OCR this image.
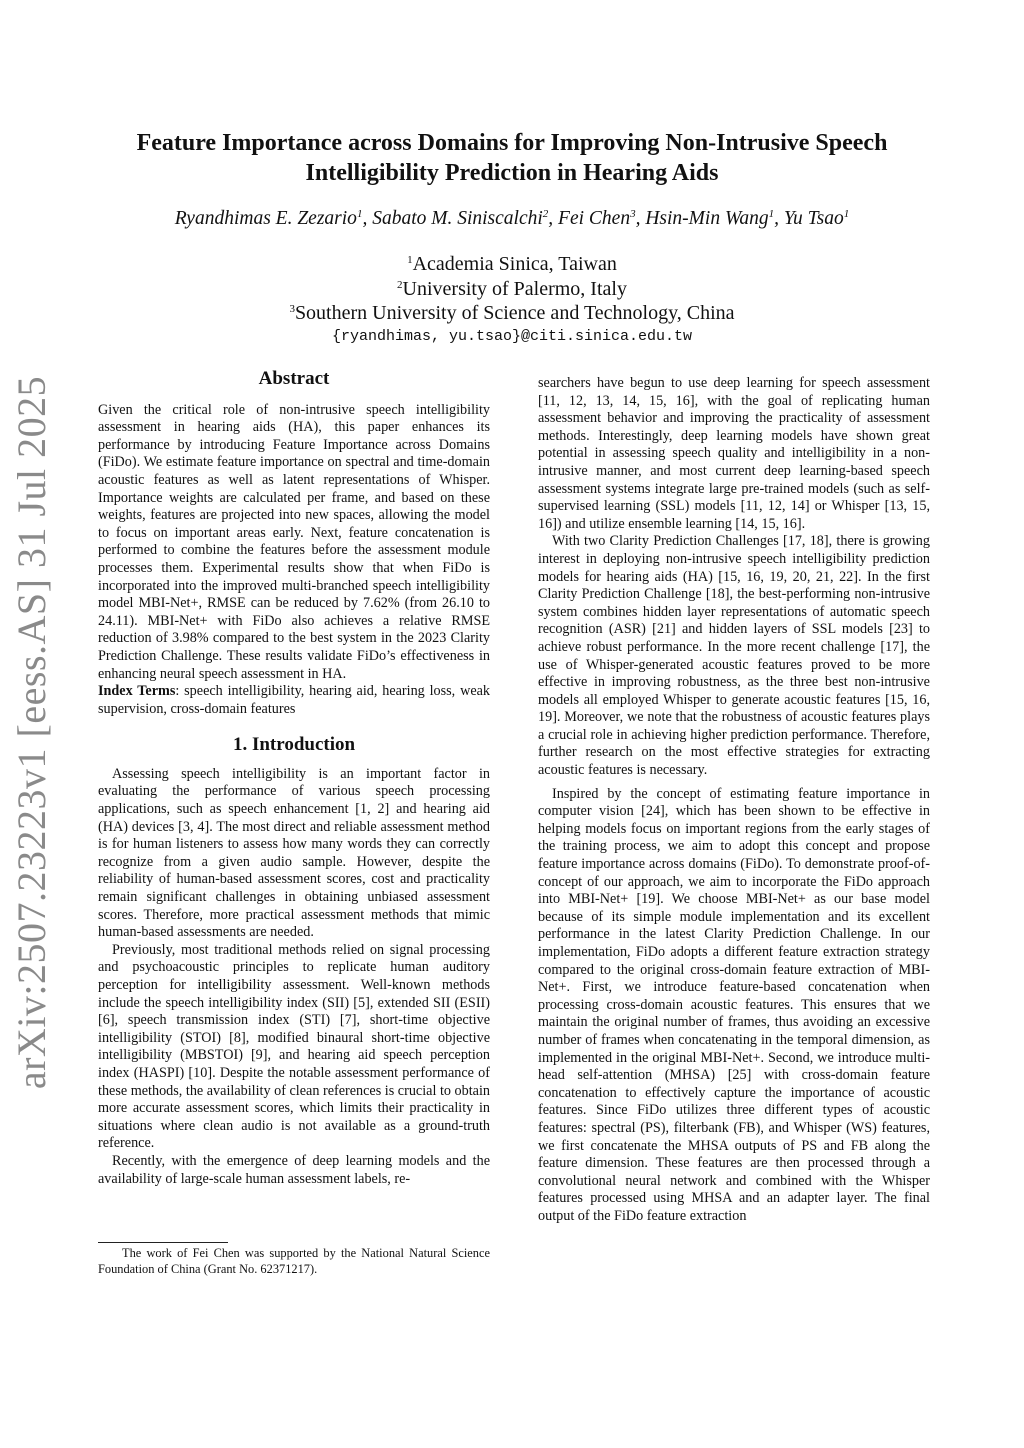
arXiv:2507.23223v1 [eess.AS] 31 Jul 2025
Feature Importance across Domains for Improving Non-Intrusive Speech Intelligibility Prediction in Hearing Aids
Ryandhimas E. Zezario$^1$, Sabato M. Siniscalchi$^2$, Fei Chen$^3$, Hsin-Min Wang$^1$, Yu Tsao$^1$
$^1$Academia Sinica, Taiwan
$^2$University of Palermo, Italy
$^3$Southern University of Science and Technology, China
{ryandhimas, yu.tsao}@citi.sinica.edu.tw
Abstract

Given the critical role of non-intrusive speech intelligibility assessment in hearing aids (HA), this paper enhances its performance by introducing Feature Importance across Domains (FiDo). We estimate feature importance on spectral and time-domain acoustic features as well as latent representations of Whisper. Importance weights are calculated per frame, and based on these weights, features are projected into new spaces, allowing the model to focus on important areas early. Next, feature concatenation is performed to combine the features before the assessment module processes them. Experimental results show that when FiDo is incorporated into the improved multi-branched speech intelligibility model MBI-Net+, RMSE can be reduced by 7.62% (from 26.10 to 24.11). MBI-Net+ with FiDo also achieves a relative RMSE reduction of 3.98% compared to the best system in the 2023 Clarity Prediction Challenge. These results validate FiDo’s effectiveness in enhancing neural speech assessment in HA.

Index Terms: speech intelligibility, hearing aid, hearing loss, weak supervision, cross-domain features

1. Introduction

Assessing speech intelligibility is an important factor in evaluating the performance of various speech processing applications, such as speech enhancement [1, 2] and hearing aid (HA) devices [3, 4]. The most direct and reliable assessment method is for human listeners to assess how many words they can correctly recognize from a given audio sample. However, despite the reliability of human-based assessment scores, cost and practicality remain significant challenges in obtaining unbiased assessment scores. Therefore, more practical assessment methods that mimic human-based assessments are needed.

Previously, most traditional methods relied on signal processing and psychoacoustic principles to replicate human auditory perception for intelligibility assessment. Well-known methods include the speech intelligibility index (SII) [5], extended SII (ESII) [6], speech transmission index (STI) [7], short-time objective intelligibility (STOI) [8], modified binaural short-time objective intelligibility (MBSTOI) [9], and hearing aid speech perception index (HASPI) [10]. Despite the notable assessment performance of these methods, the availability of clean references is crucial to obtain more accurate assessment scores, which limits their practicality in situations where clean audio is not available as a ground-truth reference.

Recently, with the emergence of deep learning models and the availability of large-scale human assessment labels, re-

The work of Fei Chen was supported by the National Natural Science Foundation of China (Grant No. 62371217).

searchers have begun to use deep learning for speech assessment [11, 12, 13, 14, 15, 16], with the goal of replicating human assessment behavior and improving the practicality of assessment methods. Interestingly, deep learning models have shown great potential in assessing speech quality and intelligibility in a non-intrusive manner, and most current deep learning-based speech assessment systems integrate large pre-trained models (such as self-supervised learning (SSL) models [11, 12, 14] or Whisper [13, 15, 16]) and utilize ensemble learning [14, 15, 16].

With two Clarity Prediction Challenges [17, 18], there is growing interest in deploying non-intrusive speech intelligibility prediction models for hearing aids (HA) [15, 16, 19, 20, 21, 22]. In the first Clarity Prediction Challenge [18], the best-performing non-intrusive system combines hidden layer representations of automatic speech recognition (ASR) [21] and hidden layers of SSL models [23] to achieve robust performance. In the more recent challenge [17], the use of Whisper-generated acoustic features proved to be more effective in improving robustness, as the three best non-intrusive models all employed Whisper to generate acoustic features [15, 16, 19]. Moreover, we note that the robustness of acoustic features plays a crucial role in achieving higher prediction performance. Therefore, further research on the most effective strategies for extracting acoustic features is necessary.

Inspired by the concept of estimating feature importance in computer vision [24], which has been shown to be effective in helping models focus on important regions from the early stages of the training process, we aim to adopt this concept and propose feature importance across domains (FiDo). To demonstrate proof-of-concept of our approach, we aim to incorporate the FiDo approach into MBI-Net+ [19]. We choose MBI-Net+ as our base model because of its simple module implementation and its excellent performance in the latest Clarity Prediction Challenge. In our implementation, FiDo adopts a different feature extraction strategy compared to the original cross-domain feature extraction of MBI-Net+. First, we introduce feature-based concatenation when processing cross-domain acoustic features. This ensures that we maintain the original number of frames, thus avoiding an excessive number of frames when concatenating in the temporal dimension, as implemented in the original MBI-Net+. Second, we introduce multi-head self-attention (MHSA) [25] with cross-domain feature concatenation to effectively capture the importance of acoustic features. Since FiDo utilizes three different types of acoustic features: spectral (PS), filterbank (FB), and Whisper (WS) features, we first concatenate the MHSA outputs of PS and FB along the feature dimension. These features are then processed through a convolutional neural network and combined with the Whisper features processed using MHSA and an adapter layer. The final output of the FiDo feature extraction
